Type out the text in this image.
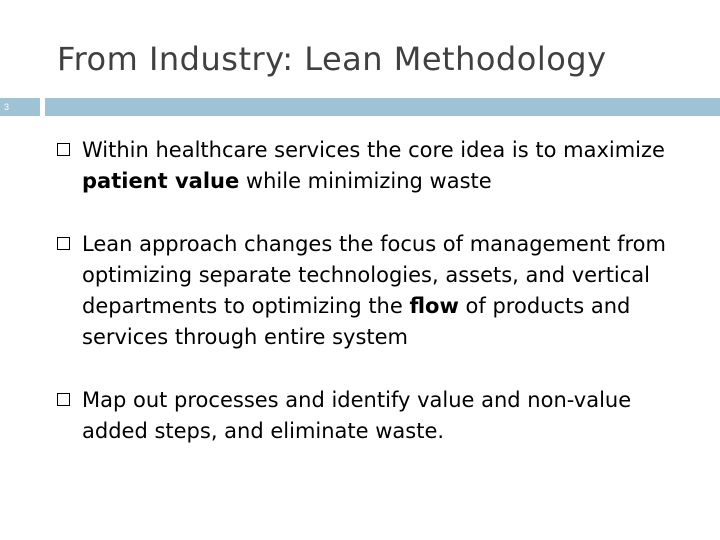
From Industry: Lean Methodology
3
Within healthcare services the core idea is to maximize patient value while minimizing waste
Lean approach changes the focus of management from optimizing separate technologies, assets, and vertical departments to optimizing the flow of products and services through entire system
Map out processes and identify value and non-value added steps, and eliminate waste.
